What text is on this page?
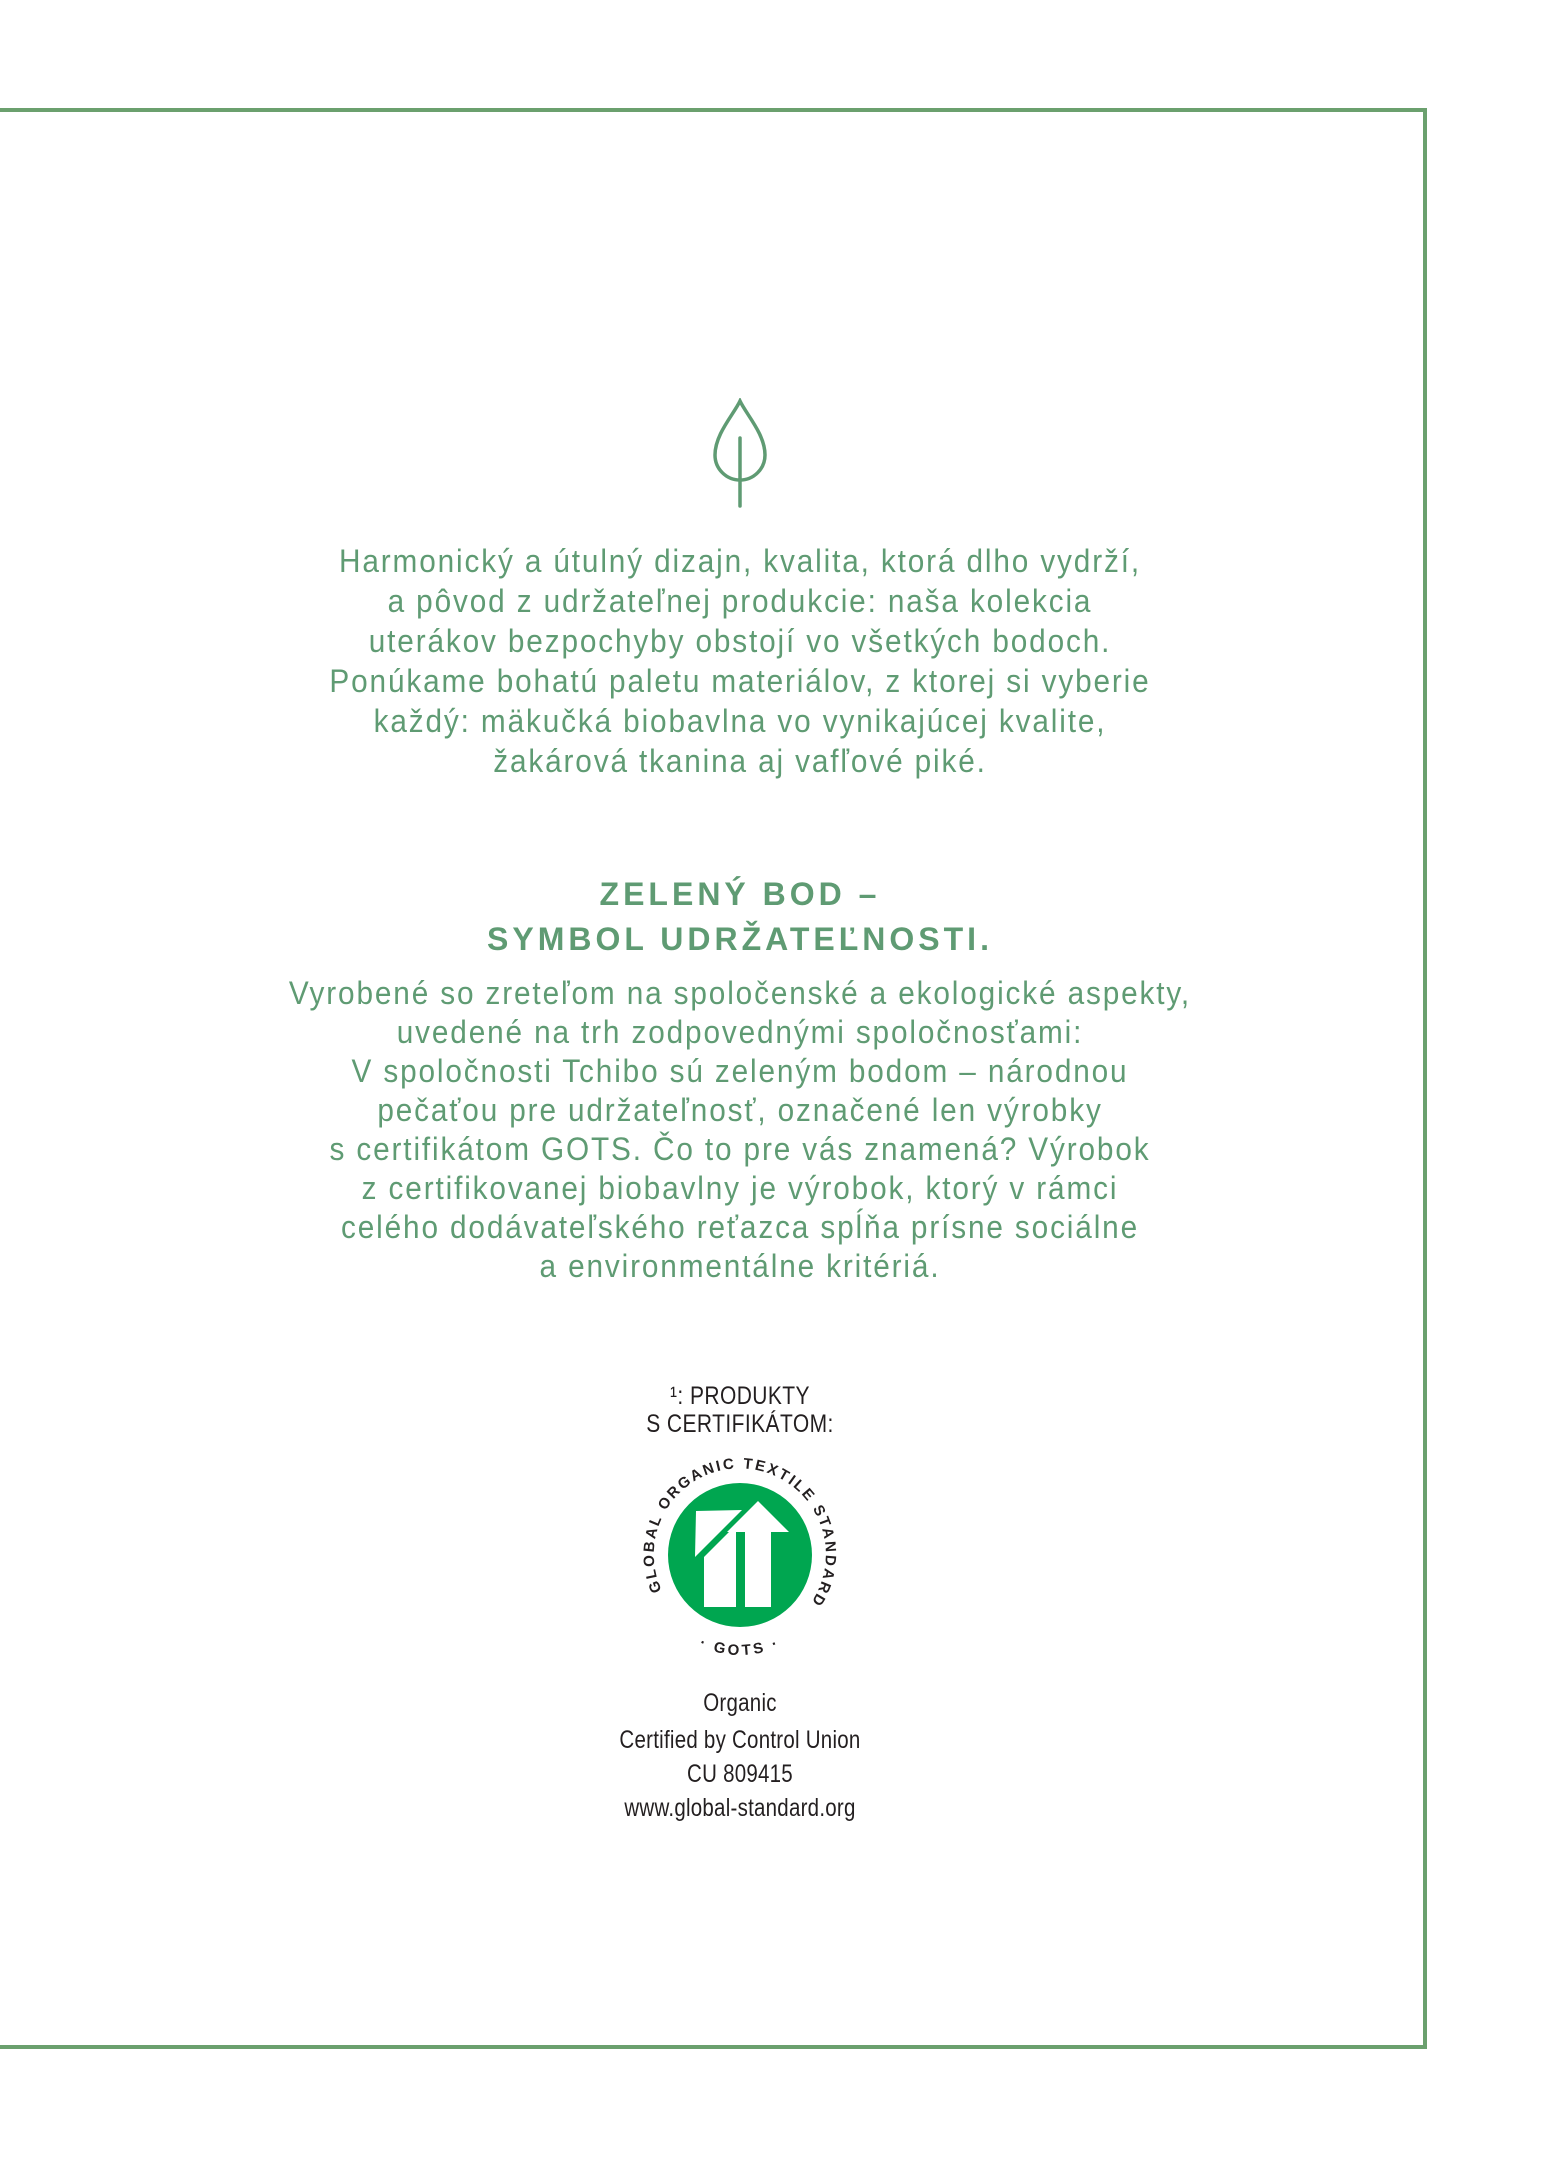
Harmonický a útulný dizajn, kvalita, ktorá dlho vydrží,
a pôvod z udržateľnej produkcie: naša kolekcia
uterákov bezpochyby obstojí vo všetkých bodoch.
Ponúkame bohatú paletu materiálov, z ktorej si vyberie
každý: mäkučká biobavlna vo vynikajúcej kvalite,
žakárová tkanina aj vafľové piké.
ZELENÝ BOD –
SYMBOL UDRŽATEĽNOSTI.
Vyrobené so zreteľom na spoločenské a ekologické aspekty,
uvedené na trh zodpovednými spoločnosťami:
V spoločnosti Tchibo sú zeleným bodom – národnou
pečaťou pre udržateľnosť, označené len výrobky
s certifikátom GOTS. Čo to pre vás znamená? Výrobok
z certifikovanej biobavlny je výrobok, ktorý v rámci
celého dodávateľského reťazca spĺňa prísne sociálne
a environmentálne kritériá.
¹: PRODUKTY
S CERTIFIKÁTOM:
GLOBAL ORGANIC TEXTILE STANDARD
· GOTS ·
Organic
Certified by Control Union
CU 809415
www.global-standard.org
